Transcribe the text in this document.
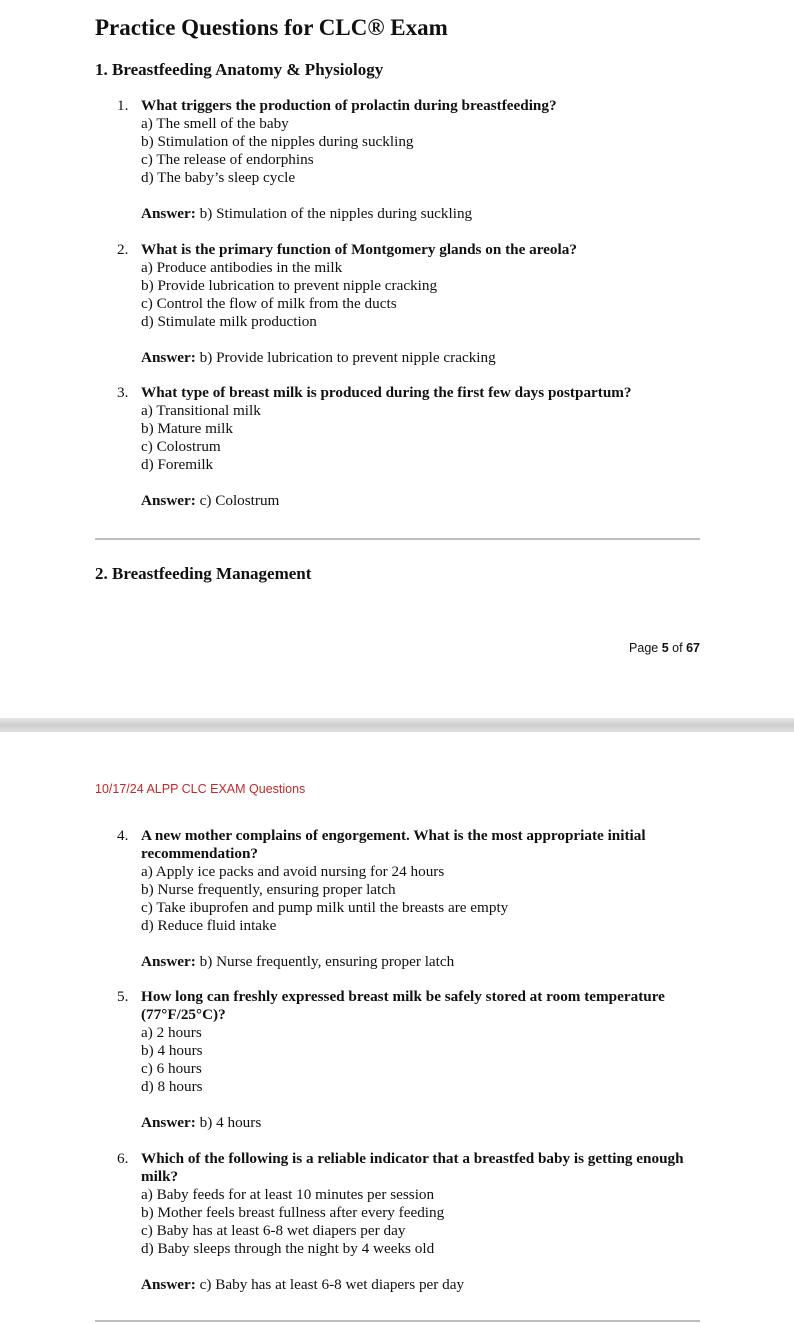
Practice Questions for CLC® Exam
1. Breastfeeding Anatomy & Physiology
1. What triggers the production of prolactin during breastfeeding?
a) The smell of the baby
b) Stimulation of the nipples during suckling
c) The release of endorphins
d) The baby’s sleep cycle
Answer: b) Stimulation of the nipples during suckling
2. What is the primary function of Montgomery glands on the areola?
a) Produce antibodies in the milk
b) Provide lubrication to prevent nipple cracking
c) Control the flow of milk from the ducts
d) Stimulate milk production
Answer: b) Provide lubrication to prevent nipple cracking
3. What type of breast milk is produced during the first few days postpartum?
a) Transitional milk
b) Mature milk
c) Colostrum
d) Foremilk
Answer: c) Colostrum
2. Breastfeeding Management
Page 5 of 67
10/17/24 ALPP CLC EXAM Questions
4. A new mother complains of engorgement. What is the most appropriate initial recommendation?
a) Apply ice packs and avoid nursing for 24 hours
b) Nurse frequently, ensuring proper latch
c) Take ibuprofen and pump milk until the breasts are empty
d) Reduce fluid intake
Answer: b) Nurse frequently, ensuring proper latch
5. How long can freshly expressed breast milk be safely stored at room temperature (77°F/25°C)?
a) 2 hours
b) 4 hours
c) 6 hours
d) 8 hours
Answer: b) 4 hours
6. Which of the following is a reliable indicator that a breastfed baby is getting enough milk?
a) Baby feeds for at least 10 minutes per session
b) Mother feels breast fullness after every feeding
c) Baby has at least 6-8 wet diapers per day
d) Baby sleeps through the night by 4 weeks old
Answer: c) Baby has at least 6-8 wet diapers per day
